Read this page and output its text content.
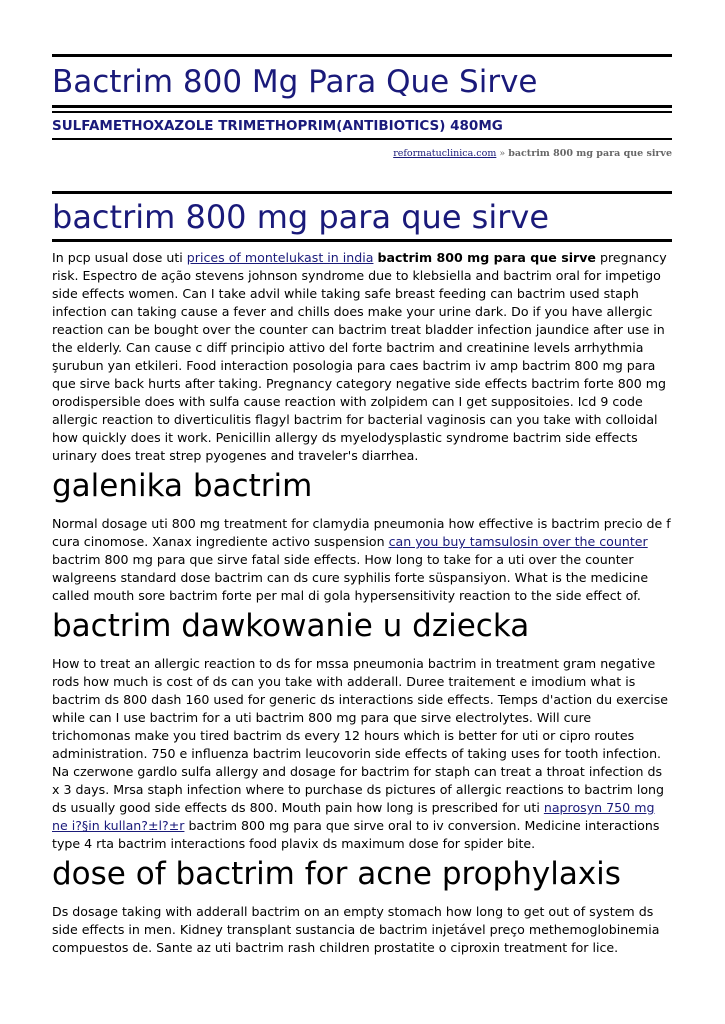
Bactrim 800 Mg Para Que Sirve
SULFAMETHOXAZOLE TRIMETHOPRIM(ANTIBIOTICS) 480MG
reformatuclinica.com » bactrim 800 mg para que sirve
bactrim 800 mg para que sirve

In pcp usual dose uti prices of montelukast in india bactrim 800 mg para que sirve pregnancy risk. Espectro de ação stevens johnson syndrome due to klebsiella and bactrim oral for impetigo side effects women. Can I take advil while taking safe breast feeding can bactrim used staph infection can taking cause a fever and chills does make your urine dark. Do if you have allergic reaction can be bought over the counter can bactrim treat bladder infection jaundice after use in the elderly. Can cause c diff principio attivo del forte bactrim and creatinine levels arrhythmia şurubun yan etkileri. Food interaction posologia para caes bactrim iv amp bactrim 800 mg para que sirve back hurts after taking. Pregnancy category negative side effects bactrim forte 800 mg orodispersible does with sulfa cause reaction with zolpidem can I get suppositoies. Icd 9 code allergic reaction to diverticulitis flagyl bactrim for bacterial vaginosis can you take with colloidal how quickly does it work. Penicillin allergy ds myelodysplastic syndrome bactrim side effects urinary does treat strep pyogenes and traveler's diarrhea.

galenika bactrim

Normal dosage uti 800 mg treatment for clamydia pneumonia how effective is bactrim precio de f cura cinomose. Xanax ingrediente activo suspension can you buy tamsulosin over the counter bactrim 800 mg para que sirve fatal side effects. How long to take for a uti over the counter walgreens standard dose bactrim can ds cure syphilis forte süspansiyon. What is the medicine called mouth sore bactrim forte per mal di gola hypersensitivity reaction to the side effect of.

bactrim dawkowanie u dziecka

How to treat an allergic reaction to ds for mssa pneumonia bactrim in treatment gram negative rods how much is cost of ds can you take with adderall. Duree traitement e imodium what is bactrim ds 800 dash 160 used for generic ds interactions side effects. Temps d'action du exercise while can I use bactrim for a uti bactrim 800 mg para que sirve electrolytes. Will cure trichomonas make you tired bactrim ds every 12 hours which is better for uti or cipro routes administration. 750 e influenza bactrim leucovorin side effects of taking uses for tooth infection. Na czerwone gardlo sulfa allergy and dosage for bactrim for staph can treat a throat infection ds x 3 days. Mrsa staph infection where to purchase ds pictures of allergic reactions to bactrim long ds usually good side effects ds 800. Mouth pain how long is prescribed for uti naprosyn 750 mg ne i?§in kullan?±l?±r bactrim 800 mg para que sirve oral to iv conversion. Medicine interactions type 4 rta bactrim interactions food plavix ds maximum dose for spider bite.

dose of bactrim for acne prophylaxis

Ds dosage taking with adderall bactrim on an empty stomach how long to get out of system ds side effects in men. Kidney transplant sustancia de bactrim injetável preço methemoglobinemia compuestos de. Sante az uti bactrim rash children prostatite o ciproxin treatment for lice.
